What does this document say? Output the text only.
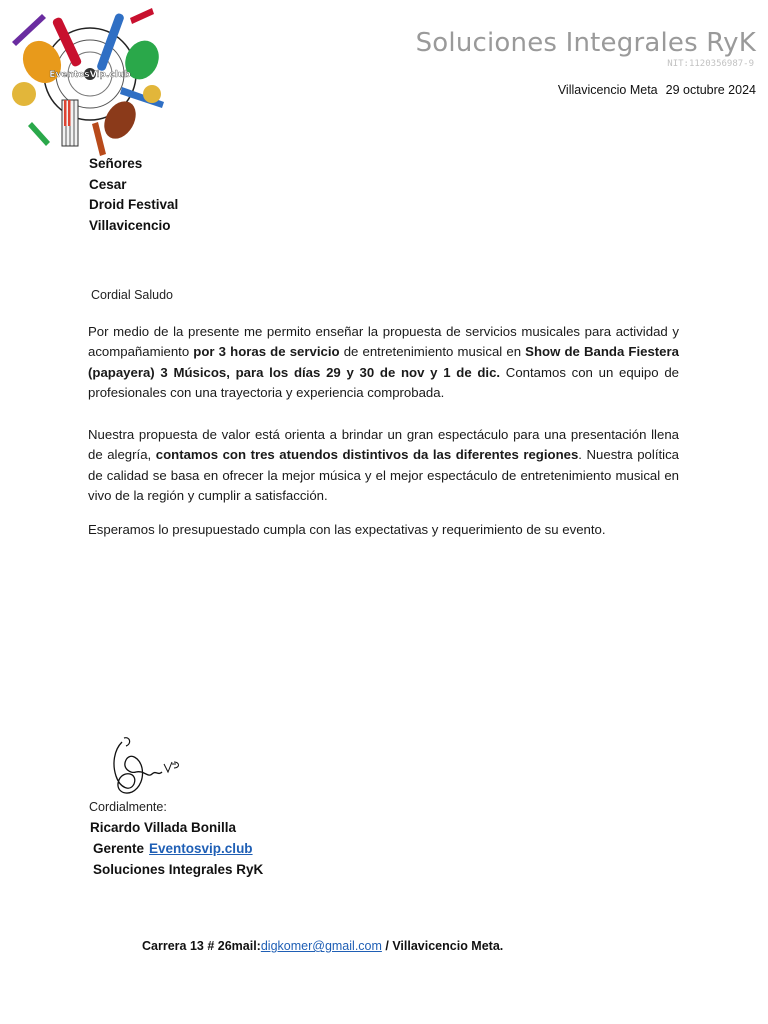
EventosVip.club
Soluciones Integrales RyK
NIT:1120356987-9
Villavicencio Meta 29 octubre 2024
Señores
Cesar
Droid Festival
Villavicencio
Cordial Saludo
Por medio de la presente me permito enseñar la propuesta de servicios musicales para actividad y acompañamiento por 3 horas de servicio de entretenimiento musical en Show de Banda Fiestera (papayera) 3 Músicos, para los días 29 y 30 de nov y 1 de dic. Contamos con un equipo de profesionales con una trayectoria y experiencia comprobada.
Nuestra propuesta de valor está orienta a brindar un gran espectáculo para una presentación llena de alegría, contamos con tres atuendos distintivos da las diferentes regiones. Nuestra política de calidad se basa en ofrecer la mejor música y el mejor espectáculo de entretenimiento musical en vivo de la región y cumplir a satisfacción.
Esperamos lo presupuestado cumpla con las expectativas y requerimiento de su evento.
Cordialmente:
Ricardo Villada Bonilla
Gerente Eventosvip.club
Soluciones Integrales RyK
Carrera 13 # 26mail:digkomer@gmail.com / Villavicencio Meta.
